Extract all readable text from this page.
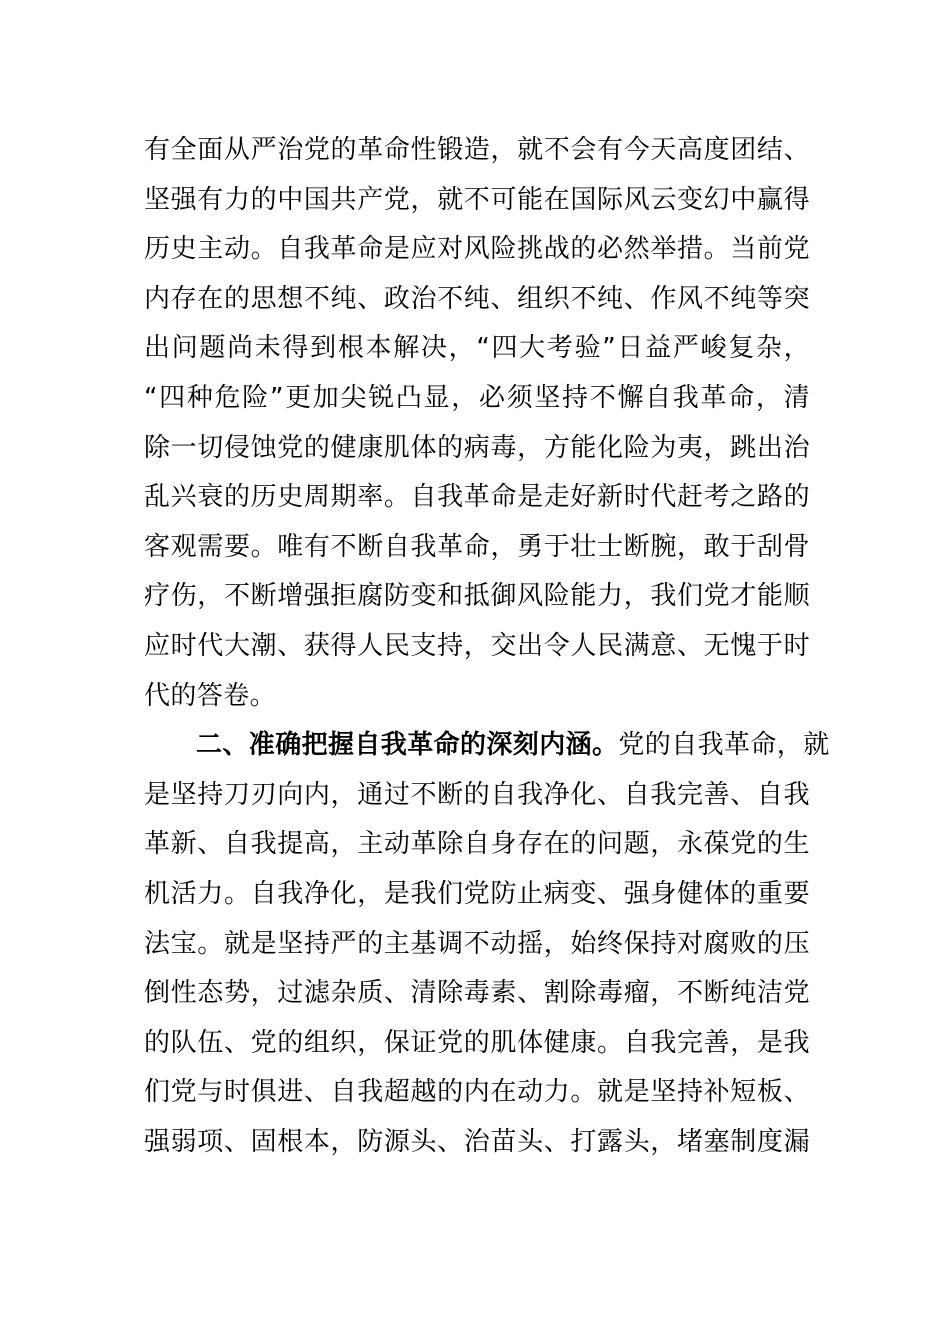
有全面从严治党的革命性锻造，就不会有今天高度团结、
坚强有力的中国共产党，就不可能在国际风云变幻中赢得
历史主动。自我革命是应对风险挑战的必然举措。当前党
内存在的思想不纯、政治不纯、组织不纯、作风不纯等突
出问题尚未得到根本解决，“四大考验”日益严峻复杂，
“四种危险”更加尖锐凸显，必须坚持不懈自我革命，清
除一切侵蚀党的健康肌体的病毒，方能化险为夷，跳出治
乱兴衰的历史周期率。自我革命是走好新时代赶考之路的
客观需要。唯有不断自我革命，勇于壮士断腕，敢于刮骨
疗伤，不断增强拒腐防变和抵御风险能力，我们党才能顺
应时代大潮、获得人民支持，交出令人民满意、无愧于时
代的答卷。
二、准确把握自我革命的深刻内涵。党的自我革命，就
是坚持刀刃向内，通过不断的自我净化、自我完善、自我
革新、自我提高，主动革除自身存在的问题，永葆党的生
机活力。自我净化，是我们党防止病变、强身健体的重要
法宝。就是坚持严的主基调不动摇，始终保持对腐败的压
倒性态势，过滤杂质、清除毒素、割除毒瘤，不断纯洁党
的队伍、党的组织，保证党的肌体健康。自我完善，是我
们党与时俱进、自我超越的内在动力。就是坚持补短板、
强弱项、固根本，防源头、治苗头、打露头，堵塞制度漏
